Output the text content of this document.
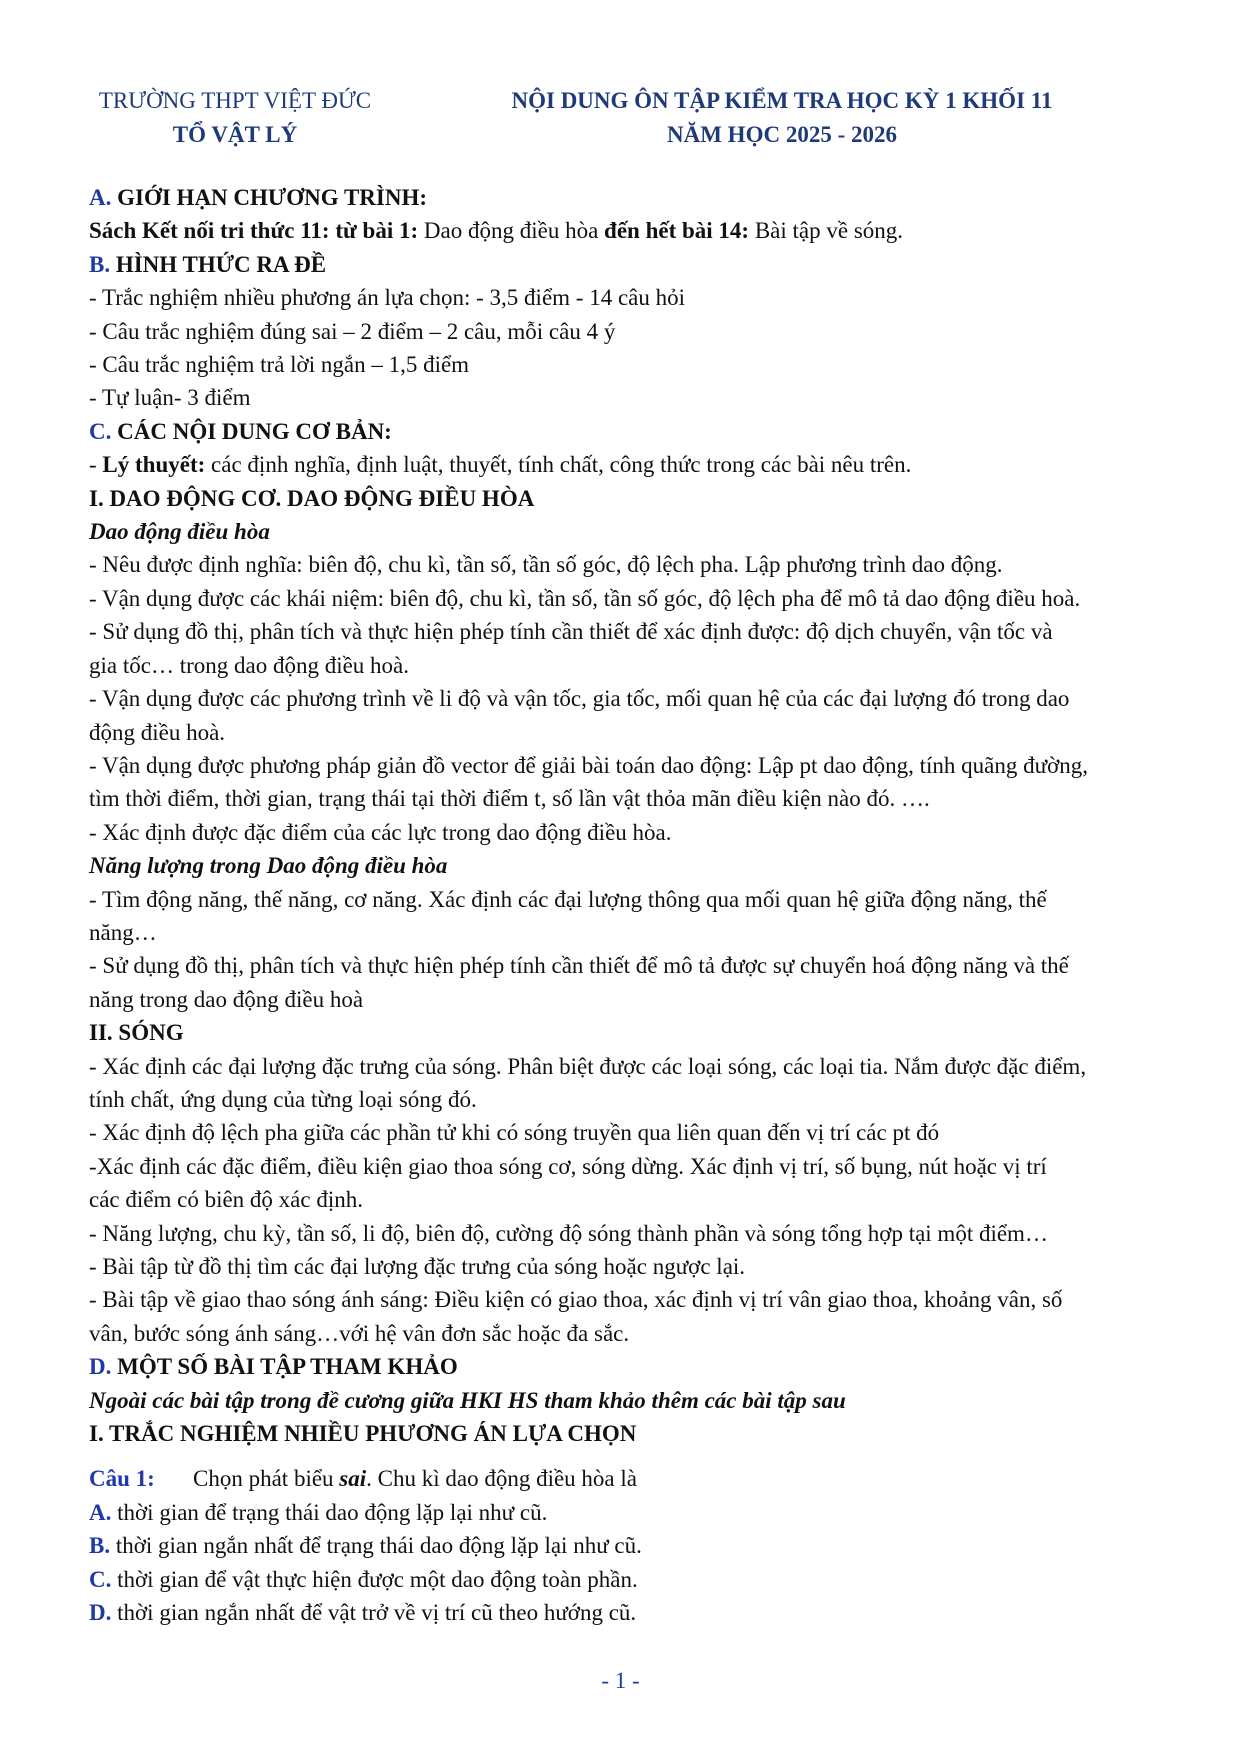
TRƯỜNG THPT VIỆT ĐỨC
TỔ VẬT LÝ
NỘI DUNG ÔN TẬP KIỂM TRA HỌC KỲ 1 KHỐI 11
NĂM HỌC 2025 - 2026

A. GIỚI HẠN CHƯƠNG TRÌNH:

Sách Kết nối tri thức 11: từ bài 1: Dao động điều hòa đến hết bài 14: Bài tập về sóng.

B. HÌNH THỨC RA ĐỀ

- Trắc nghiệm nhiều phương án lựa chọn: - 3,5 điểm - 14 câu hỏi

- Câu trắc nghiệm đúng sai – 2 điểm – 2 câu, mỗi câu 4 ý

- Câu trắc nghiệm trả lời ngắn – 1,5 điểm

- Tự luận- 3 điểm

C. CÁC NỘI DUNG CƠ BẢN:

- Lý thuyết: các định nghĩa, định luật, thuyết, tính chất, công thức trong các bài nêu trên.

I. DAO ĐỘNG CƠ. DAO ĐỘNG ĐIỀU HÒA

Dao động điều hòa

- Nêu được định nghĩa: biên độ, chu kì, tần số, tần số góc, độ lệch pha. Lập phương trình dao động.

- Vận dụng được các khái niệm: biên độ, chu kì, tần số, tần số góc, độ lệch pha để mô tả dao động điều hoà.

- Sử dụng đồ thị, phân tích và thực hiện phép tính cần thiết để xác định được: độ dịch chuyển, vận tốc và

gia tốc… trong dao động điều hoà.

- Vận dụng được các phương trình về li độ và vận tốc, gia tốc, mối quan hệ của các đại lượng đó trong dao

động điều hoà.

- Vận dụng được phương pháp giản đồ vector để giải bài toán dao động: Lập pt dao động, tính quãng đường,

tìm thời điểm, thời gian, trạng thái tại thời điểm t, số lần vật thỏa mãn điều kiện nào đó. ….

- Xác định được đặc điểm của các lực trong dao động điều hòa.

Năng lượng trong Dao động điều hòa

- Tìm động năng, thế năng, cơ năng. Xác định các đại lượng thông qua mối quan hệ giữa động năng, thế

năng…

- Sử dụng đồ thị, phân tích và thực hiện phép tính cần thiết để mô tả được sự chuyển hoá động năng và thế

năng trong dao động điều hoà

II. SÓNG

- Xác định các đại lượng đặc trưng của sóng. Phân biệt được các loại sóng, các loại tia. Nắm được đặc điểm,

tính chất, ứng dụng của từng loại sóng đó.

- Xác định độ lệch pha giữa các phần tử khi có sóng truyền qua liên quan đến vị trí các pt đó

-Xác định các đặc điểm, điều kiện giao thoa sóng cơ, sóng dừng. Xác định vị trí, số bụng, nút hoặc vị trí

các điểm có biên độ xác định.

- Năng lượng, chu kỳ, tần số, li độ, biên độ, cường độ sóng thành phần và sóng tổng hợp tại một điểm…

- Bài tập từ đồ thị tìm các đại lượng đặc trưng của sóng hoặc ngược lại.

- Bài tập về giao thao sóng ánh sáng: Điều kiện có giao thoa, xác định vị trí vân giao thoa, khoảng vân, số

vân, bước sóng ánh sáng…với hệ vân đơn sắc hoặc đa sắc.

D. MỘT SỐ BÀI TẬP THAM KHẢO

Ngoài các bài tập trong đề cương giữa HKI HS tham khảo thêm các bài tập sau

I. TRẮC NGHIỆM NHIỀU PHƯƠNG ÁN LỰA CHỌN

Câu 1: Chọn phát biểu sai. Chu kì dao động điều hòa là

A. thời gian để trạng thái dao động lặp lại như cũ.

B. thời gian ngắn nhất để trạng thái dao động lặp lại như cũ.

C. thời gian để vật thực hiện được một dao động toàn phần.

D. thời gian ngắn nhất để vật trở về vị trí cũ theo hướng cũ.

- 1 -
